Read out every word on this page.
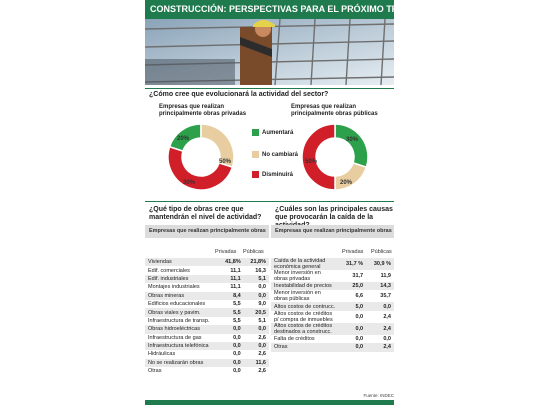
CONSTRUCCIÓN: PERSPECTIVAS PARA EL PRÓXIMO TRIMESTRE
¿Cómo cree que evolucionará la actividad del sector?
Empresas que realizan principalmente obras privadas
Empresas que realizan principalmente obras públicas
20%
30%
50%
30%
20%
50%
Aumentará
No cambiará
Disminuirá
¿Qué tipo de obras cree que mantendrán el nivel de actividad?
¿Cuáles son las principales causas que provocarán la caída de la
Empresas que realizan principalmente obras	Empresas que realizan principalmente obras
Privadas Públicas	Privadas Públicas
Viviendas	41,8%	21,8%
Edif. comerciales	11,1	16,3
Edif. industriales	11,1	5,1
Montajes industriales	11,1	0,0
Obras mineras	8,4	0,0
Edificios educacionales	5,5	9,0
Obras viales y pavim.	5,5	20,5
Infraestructura de transp.	5,5	5,1
Obras hidroeléctricas	0,0	0,0
Infraestructura de gas	0,0	2,6
Infraestructura telefónica	0,0	0,0
Hidráulicas	0,0	2,6
No se realizarán obras	0,0	11,6
Otras	0,0	2,6
Caída de la actividad económica general	31,7 %	30,9 %
Menor inversión en obras privadas	31,7	11,9
Inestabilidad de precios	25,0	14,3
Menor inversión en obras públicas	6,6	35,7
Altos costos de contrucc.	5,0	0,0
Altos costos de créditos p/ compra de inmuebles	0,0	2,4
Altos costos de créditos destinados a construcc.	0,0	2,4
Falta de créditos	0,0	0,0
Otras	0,0	2,4
Fuente: INDEC
